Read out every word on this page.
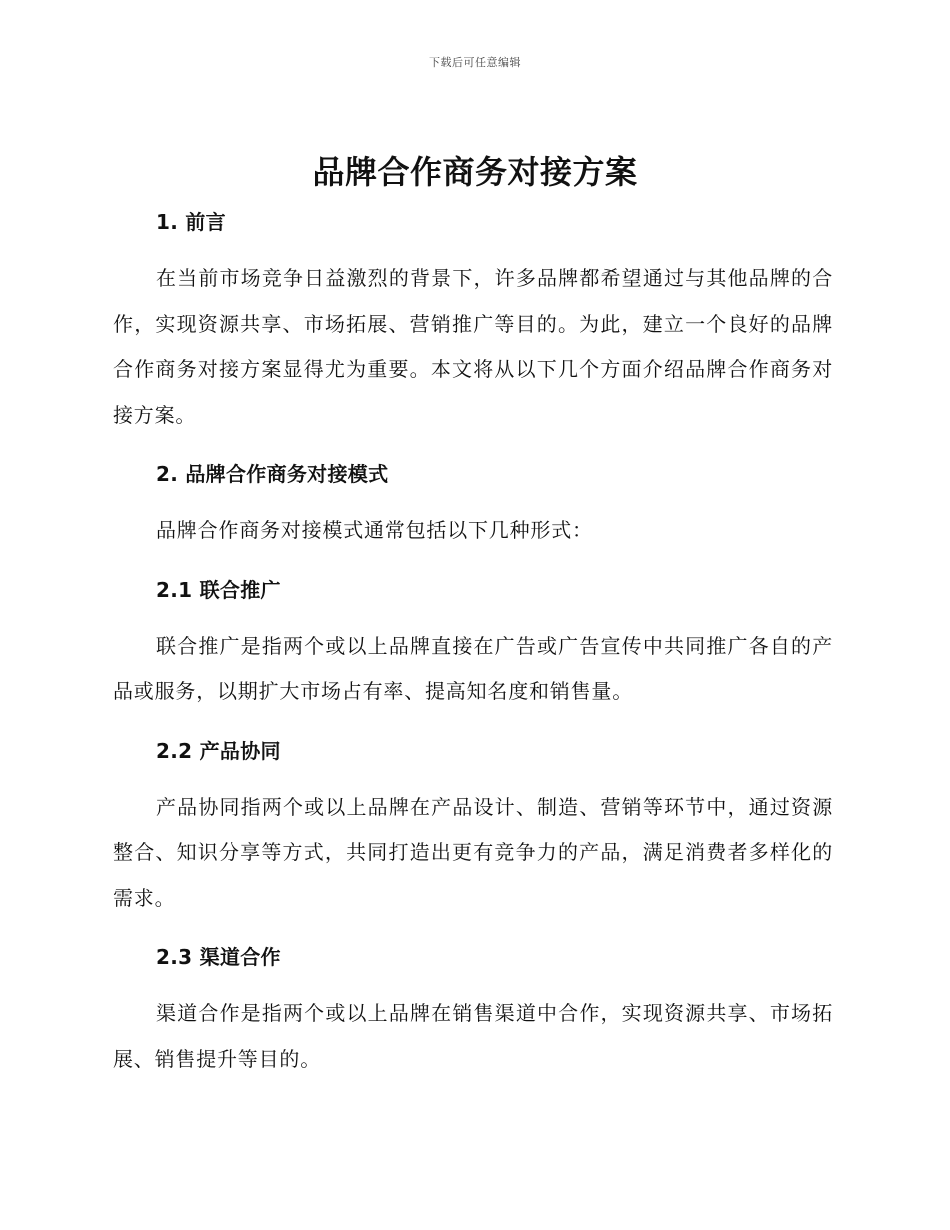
下载后可任意编辑
品牌合作商务对接方案
1. 前言

在当前市场竞争日益激烈的背景下，许多品牌都希望通过与其他品牌的合作，实现资源共享、市场拓展、营销推广等目的。为此，建立一个良好的品牌合作商务对接方案显得尤为重要。本文将从以下几个方面介绍品牌合作商务对接方案。

2. 品牌合作商务对接模式

品牌合作商务对接模式通常包括以下几种形式：

2.1 联合推广

联合推广是指两个或以上品牌直接在广告或广告宣传中共同推广各自的产品或服务，以期扩大市场占有率、提高知名度和销售量。

2.2 产品协同

产品协同指两个或以上品牌在产品设计、制造、营销等环节中，通过资源整合、知识分享等方式，共同打造出更有竞争力的产品，满足消费者多样化的需求。

2.3 渠道合作

渠道合作是指两个或以上品牌在销售渠道中合作，实现资源共享、市场拓展、销售提升等目的。
